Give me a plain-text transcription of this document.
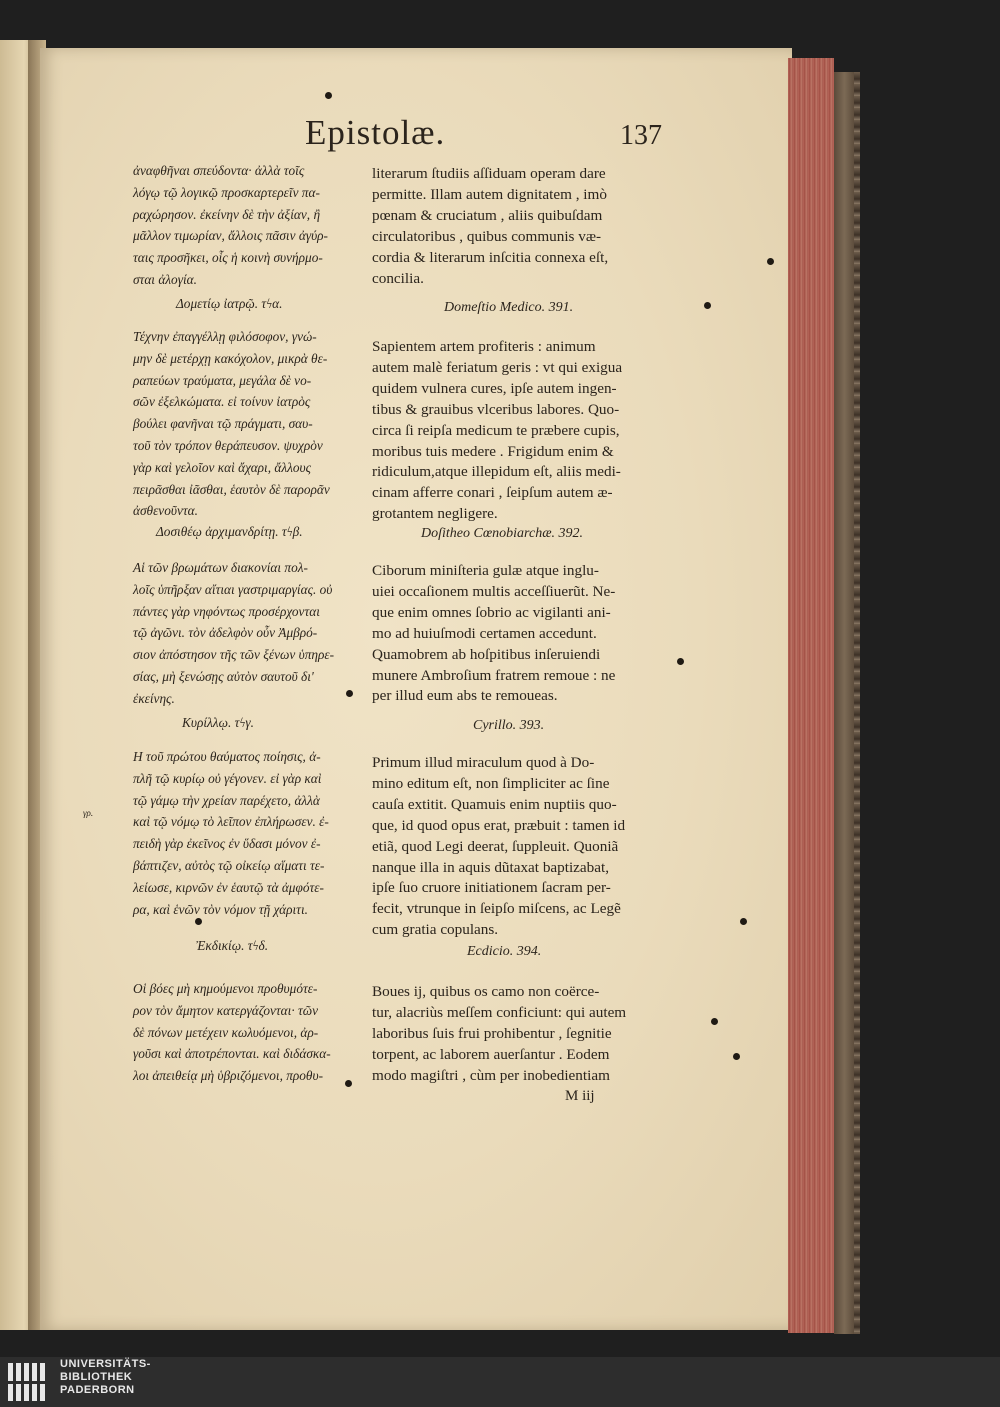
Epistolæ.	137

ἀναφθῆναι σπεύδοντα· ἀλλὰ τοῖς

λόγῳ τῷ λογικῷ προσκαρτερεῖν πα-

ραχώρησον. ἐκείνην δὲ τὴν ἀξίαν, ἢ

μᾶλλον τιμωρίαν, ἄλλοις πᾶσιν ἀγύρ-

ταις προσῆκει, οἷς ἡ κοινὴ συνήρμο-

σται ἀλογία.

Δομετίῳ ἰατρῷ. τϟα.

Τέχνην ἐπαγγέλλῃ φιλόσοφον, γνώ-

μην δὲ μετέρχῃ κακόχολον, μικρὰ θε-

ραπεύων τραύματα, μεγάλα δὲ νο-

σῶν ἐξελκώματα. εἰ τοίνυν ἰατρὸς

βούλει φανῆναι τῷ πράγματι, σαυ-

τοῦ τὸν τρόπον θεράπευσον. ψυχρὸν

γὰρ καὶ γελοῖον καὶ ἄχαρι, ἄλλους

πειρᾶσθαι ἰᾶσθαι, ἑαυτὸν δὲ παρορᾶν

ἀσθενοῦντα.

Δοσιθέῳ ἀρχιμανδρίτῃ. τϟβ.

Αἱ τῶν βρωμάτων διακονίαι πολ-

λοῖς ὑπῆρξαν αἴτιαι γαστριμαργίας. οὐ

πάντες γὰρ νηφόντως προσέρχονται

τῷ ἀγῶνι. τὸν ἀδελφὸν οὖν Ἀμβρό-

σιον ἀπόστησον τῆς τῶν ξένων ὑπηρε-

σίας, μὴ ξενώσῃς αὐτὸν σαυτοῦ δι'

ἐκείνης.

Κυρίλλῳ. τϟγ.

Η τοῦ πρώτου θαύματος ποίησις, ἀ-

πλῆ τῷ κυρίῳ οὐ γέγονεν. εἰ γὰρ καὶ

τῷ γάμῳ τὴν χρείαν παρέχετο, ἀλλὰ

καὶ τῷ νόμῳ τὸ λεῖπον ἐπλήρωσεν. ἐ-

πειδὴ γὰρ ἐκεῖνος ἐν ὕδασι μόνον ἐ-

βάπτιζεν, αὐτὸς τῷ οἰκείῳ αἵματι τε-

λείωσε, κιρνῶν ἐν ἑαυτῷ τὰ ἀμφότε-

ρα, καὶ ἑνῶν τὸν νόμον τῇ χάριτι.

Ἐκδικίῳ. τϟδ.

Οἱ βόες μὴ κημούμενοι προθυμότε-

ρον τὸν ἄμητον κατεργάζονται· τῶν

δὲ πόνων μετέχειν κωλυόμενοι, ἀρ-

γοῦσι καὶ ἀποτρέπονται. καὶ διδάσκα-

λοι ἀπειθείᾳ μὴ ὑβριζόμενοι, προθυ-

literarum ſtudiis aſſiduam operam dare

permitte. Illam autem dignitatem , imò

pœnam & cruciatum , aliis quibuſdam

circulatoribus , quibus communis væ-

cordia & literarum inſcitia connexa eſt,

concilia.

Domeſtio Medico. 391.

Sapientem artem profiteris : animum

autem malè feriatum geris : vt qui exigua

quidem vulnera cures, ipſe autem ingen-

tibus & grauibus vlceribus labores. Quo-

circa ſi reipſa medicum te præbere cupis,

moribus tuis medere . Frigidum enim &

ridiculum,atque illepidum eſt, aliis medi-

cinam afferre conari , ſeipſum autem æ-

grotantem negligere.

Doſitheo Cœnobiarchæ. 392.

Ciborum miniſteria gulæ atque inglu-

uiei occaſionem multis acceſſiuerũt. Ne-

que enim omnes ſobrio ac vigilanti ani-

mo ad huiuſmodi certamen accedunt.

Quamobrem ab hoſpitibus inſeruiendi

munere Ambroſium fratrem remoue : ne

per illud eum abs te remoueas.

Cyrillo. 393.

Primum illud miraculum quod à Do-

mino editum eſt, non ſimpliciter ac ſine

cauſa extitit. Quamuis enim nuptiis quo-

que, id quod opus erat, præbuit : tamen id

etiã, quod Legi deerat, ſuppleuit. Quoniã

nanque illa in aquis dũtaxat baptizabat,

ipſe ſuo cruore initiationem ſacram per-

fecit, vtrunque in ſeipſo miſcens, ac Legẽ

cum gratia copulans.

Ecdicio. 394.

Boues ij, quibus os camo non coërce-

tur, alacriùs meſſem conficiunt: qui autem

laboribus ſuis frui prohibentur , ſegnitie

torpent, ac laborem auerſantur . Eodem

modo magiſtri , cùm per inobedientiam

γρ.
M iij
UNIVERSITÄTS-
BIBLIOTHEK
PADERBORN
